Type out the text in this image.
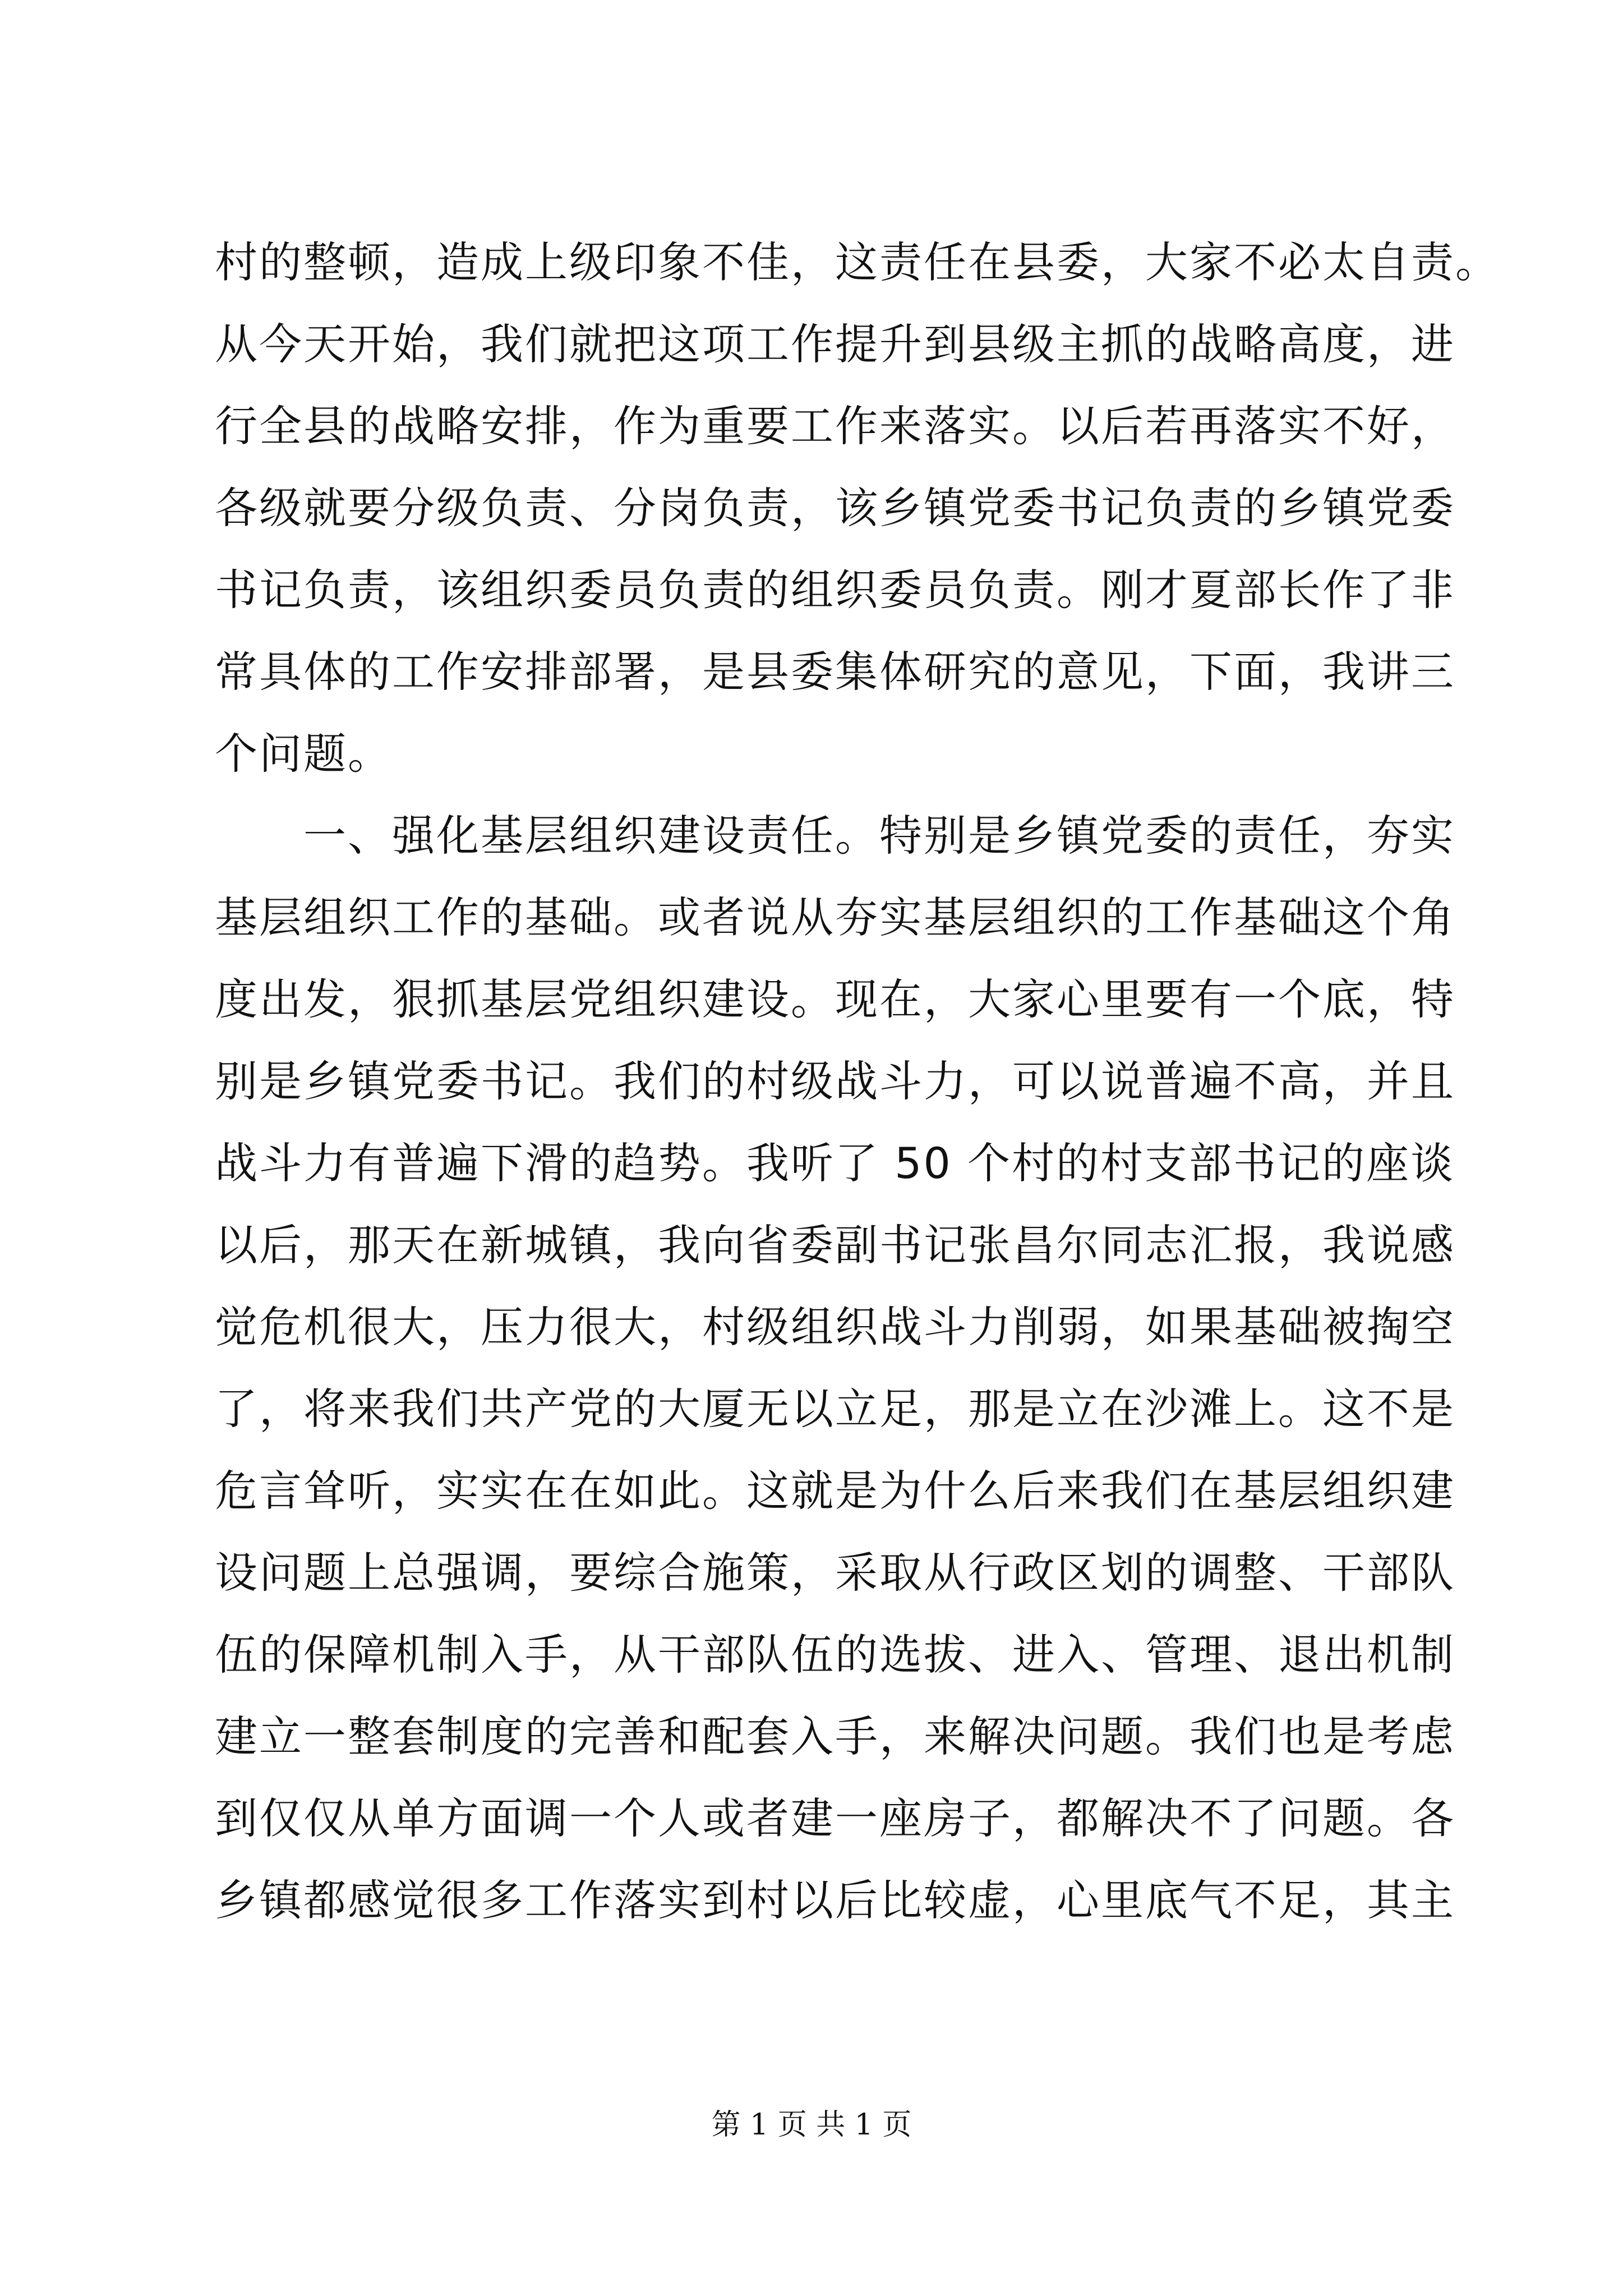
村的整顿，造成上级印象不佳，这责任在县委，大家不必太自责。
从今天开始，我们就把这项工作提升到县级主抓的战略高度，进
行全县的战略安排，作为重要工作来落实。以后若再落实不好，
各级就要分级负责、分岗负责，该乡镇党委书记负责的乡镇党委
书记负责，该组织委员负责的组织委员负责。刚才夏部长作了非
常具体的工作安排部署，是县委集体研究的意见，下面，我讲三
个问题。
　　一、强化基层组织建设责任。特别是乡镇党委的责任，夯实
基层组织工作的基础。或者说从夯实基层组织的工作基础这个角
度出发，狠抓基层党组织建设。现在，大家心里要有一个底，特
别是乡镇党委书记。我们的村级战斗力，可以说普遍不高，并且
战斗力有普遍下滑的趋势。我听了 50 个村的村支部书记的座谈
以后，那天在新城镇，我向省委副书记张昌尔同志汇报，我说感
觉危机很大，压力很大，村级组织战斗力削弱，如果基础被掏空
了，将来我们共产党的大厦无以立足，那是立在沙滩上。这不是
危言耸听，实实在在如此。这就是为什么后来我们在基层组织建
设问题上总强调，要综合施策，采取从行政区划的调整、干部队
伍的保障机制入手，从干部队伍的选拔、进入、管理、退出机制
建立一整套制度的完善和配套入手，来解决问题。我们也是考虑
到仅仅从单方面调一个人或者建一座房子，都解决不了问题。各
乡镇都感觉很多工作落实到村以后比较虚，心里底气不足，其主
第 1 页 共 1 页
